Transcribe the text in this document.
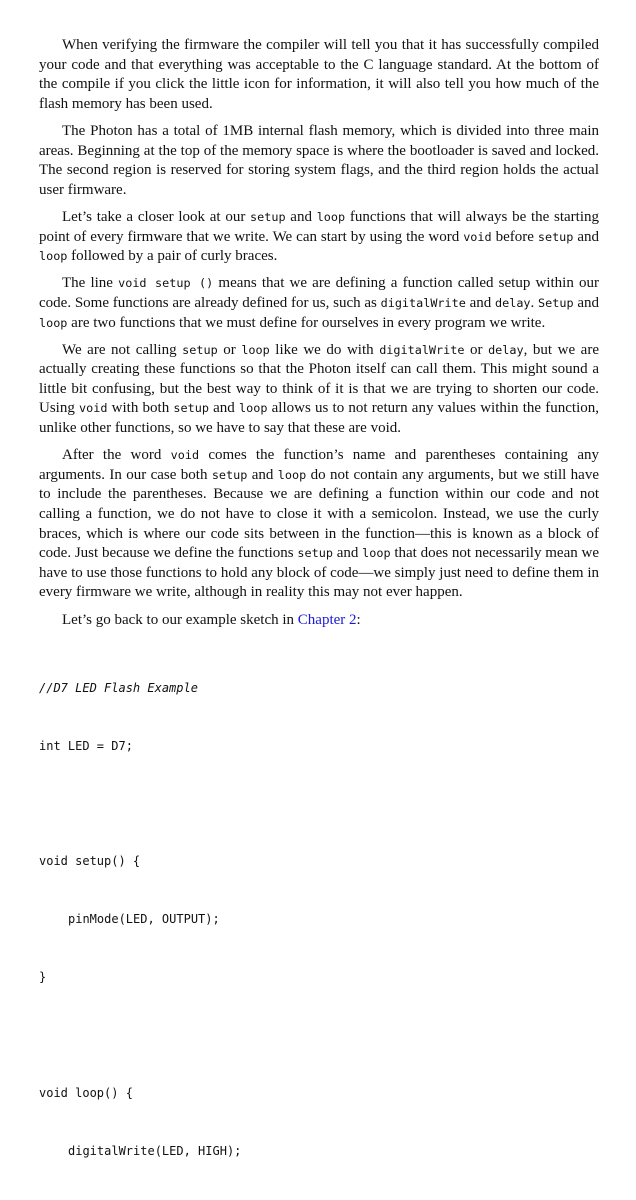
When verifying the firmware the compiler will tell you that it has successfully compiled your code and that everything was acceptable to the C language standard. At the bottom of the compile if you click the little icon for information, it will also tell you how much of the flash memory has been used.

The Photon has a total of 1MB internal flash memory, which is divided into three main areas. Beginning at the top of the memory space is where the bootloader is saved and locked. The second region is reserved for storing system flags, and the third region holds the actual user firmware.

Let’s take a closer look at our setup and loop functions that will always be the starting point of every firmware that we write. We can start by using the word void before setup and loop followed by a pair of curly braces.

The line void setup () means that we are defining a function called setup within our code. Some functions are already defined for us, such as digitalWrite and delay. Setup and loop are two functions that we must define for ourselves in every program we write.

We are not calling setup or loop like we do with digitalWrite or delay, but we are actually creating these functions so that the Photon itself can call them. This might sound a little bit confusing, but the best way to think of it is that we are trying to shorten our code. Using void with both setup and loop allows us to not return any values within the function, unlike other functions, so we have to say that these are void.

After the word void comes the function’s name and parentheses containing any arguments. In our case both setup and loop do not contain any arguments, but we still have to include the parentheses. Because we are defining a function within our code and not calling a function, we do not have to close it with a semicolon. Instead, we use the curly braces, which is where our code sits between in the function—this is known as a block of code. Just because we define the functions setup and loop that does not necessarily mean we have to use those functions to hold any block of code—we simply just need to define them in every firmware we write, although in reality this may not ever happen.

Let’s go back to our example sketch in Chapter 2:

//D7 LED Flash Example

int LED = D7;

void setup() {

pinMode(LED, OUTPUT);

}

void loop() {

digitalWrite(LED, HIGH);
